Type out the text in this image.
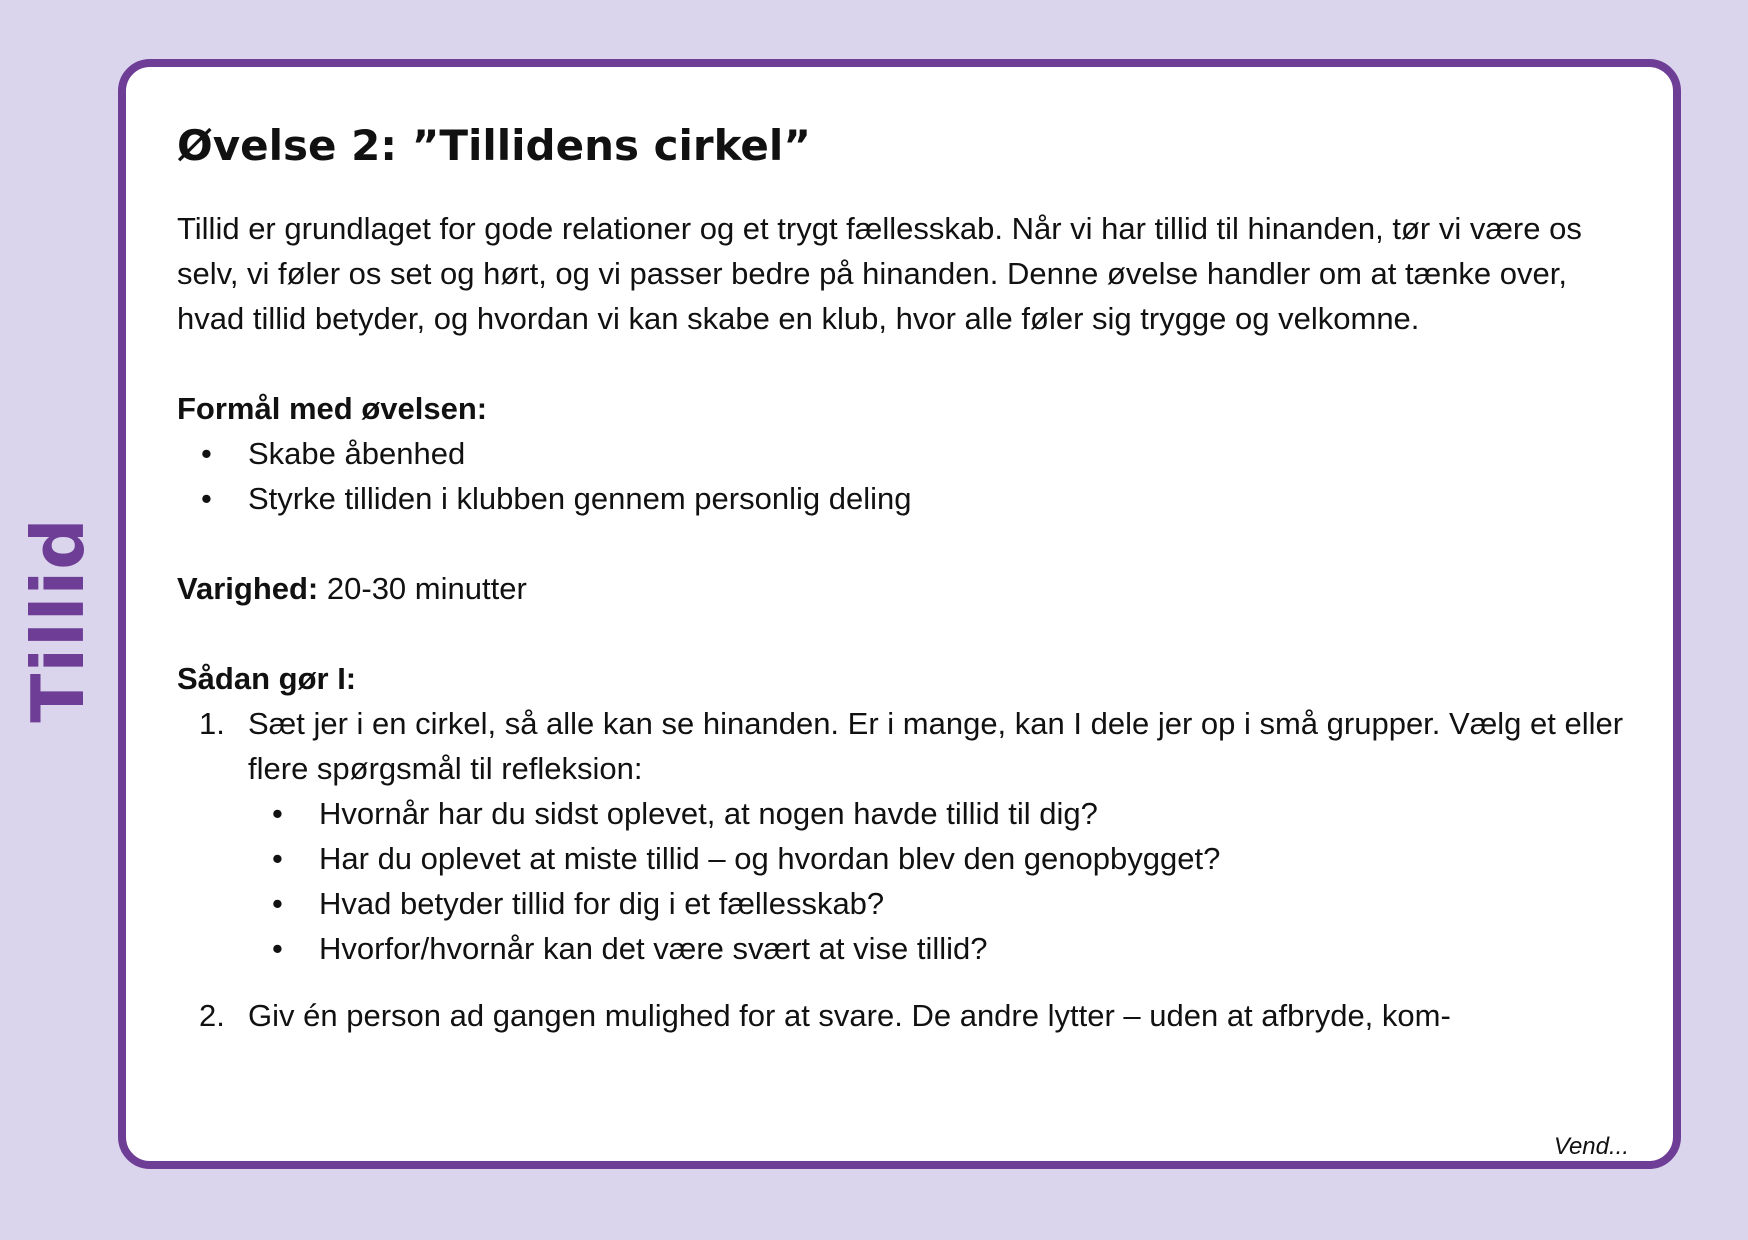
Tillid
Øvelse 2: ”Tillidens cirkel”

Tillid er grundlaget for gode relationer og et trygt fællesskab. Når vi har tillid til hinanden, tør vi være os selv, vi føler os set og hørt, og vi passer bedre på hinanden. Denne øvelse handler om at tænke over, hvad tillid betyder, og hvordan vi kan skabe en klub, hvor alle føler sig trygge og velkomne.

Formål med øvelsen:

• Skabe åbenhed
• Styrke tilliden i klubben gennem personlig deling

Varighed: 20-30 minutter

Sådan gør I:

1. Sæt jer i en cirkel, så alle kan se hinanden. Er i mange, kan I dele jer op i små grupper. Vælg et eller flere spørgsmål til refleksion:
• Hvornår har du sidst oplevet, at nogen havde tillid til dig?
• Har du oplevet at miste tillid – og hvordan blev den genopbygget?
• Hvad betyder tillid for dig i et fællesskab?
• Hvorfor/hvornår kan det være svært at vise tillid?
2. Giv én person ad gangen mulighed for at svare. De andre lytter – uden at afbryde, kom-
Vend...
